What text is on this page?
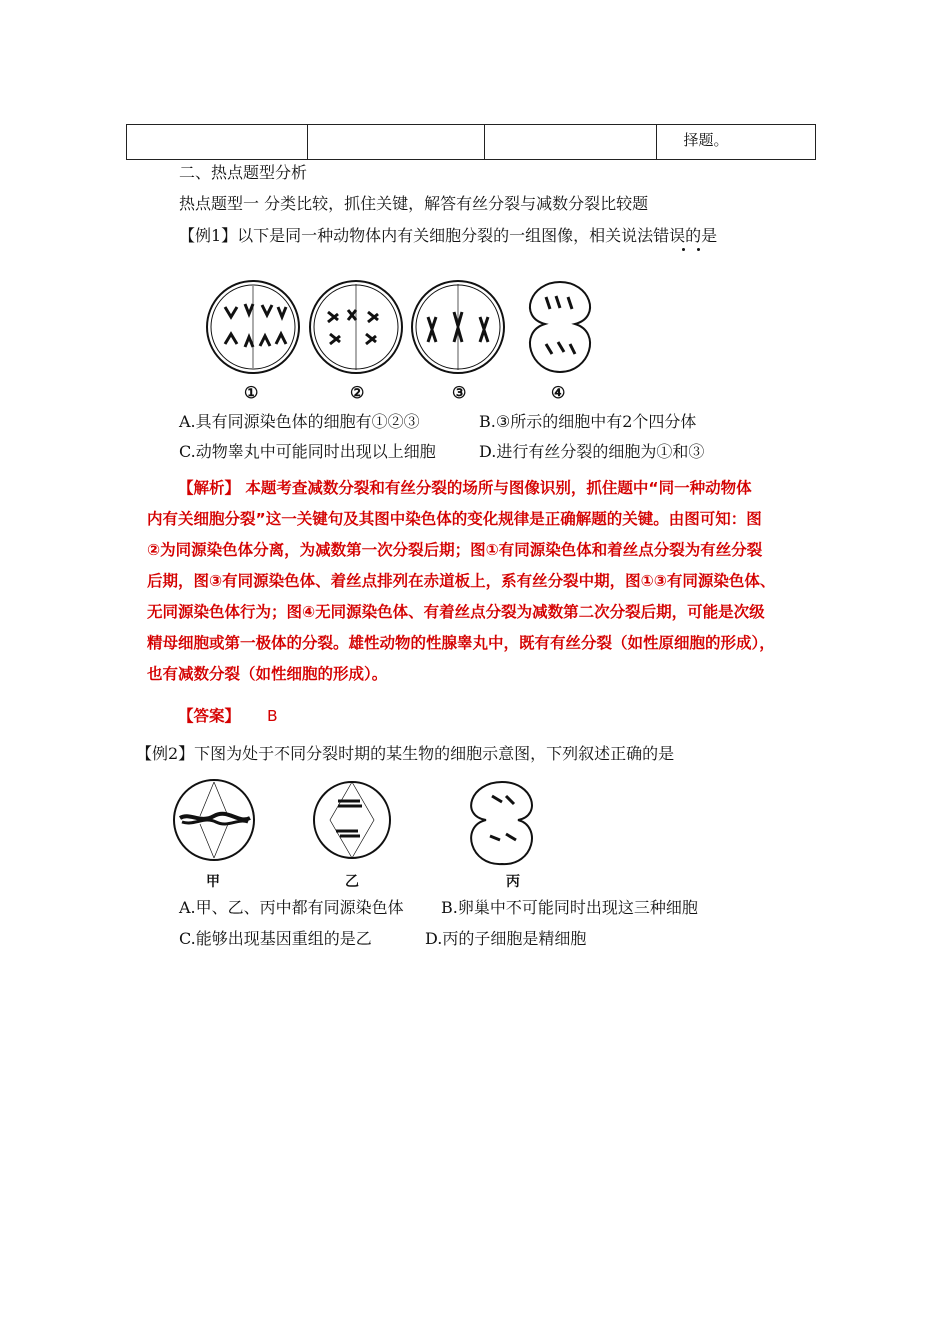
择题。
二、热点题型分析
热点题型一 分类比较，抓住关键，解答有丝分裂与减数分裂比较题
【例1】以下是同一种动物体内有关细胞分裂的一组图像，相关说法错误的是
①	②	③	④
A.具有同源染色体的细胞有①②③	B.③所示的细胞中有2个四分体
C.动物睾丸中可能同时出现以上细胞	D.进行有丝分裂的细胞为①和③
【解析】 本题考查减数分裂和有丝分裂的场所与图像识别，抓住题中“同一种动物体
内有关细胞分裂”这一关键句及其图中染色体的变化规律是正确解题的关键。由图可知：图
②为同源染色体分离，为减数第一次分裂后期；图①有同源染色体和着丝点分裂为有丝分裂
后期，图③有同源染色体、着丝点排列在赤道板上，系有丝分裂中期，图①③有同源染色体、
无同源染色体行为；图④无同源染色体、有着丝点分裂为减数第二次分裂后期，可能是次级
精母细胞或第一极体的分裂。雄性动物的性腺睾丸中，既有有丝分裂（如性原细胞的形成），
也有减数分裂（如性细胞的形成）。
【答案】 B
【例2】下图为处于不同分裂时期的某生物的细胞示意图，下列叙述正确的是
甲	乙	丙
A.甲、乙、丙中都有同源染色体 B.卵巢中不可能同时出现这三种细胞
C.能够出现基因重组的是乙	D.丙的子细胞是精细胞
